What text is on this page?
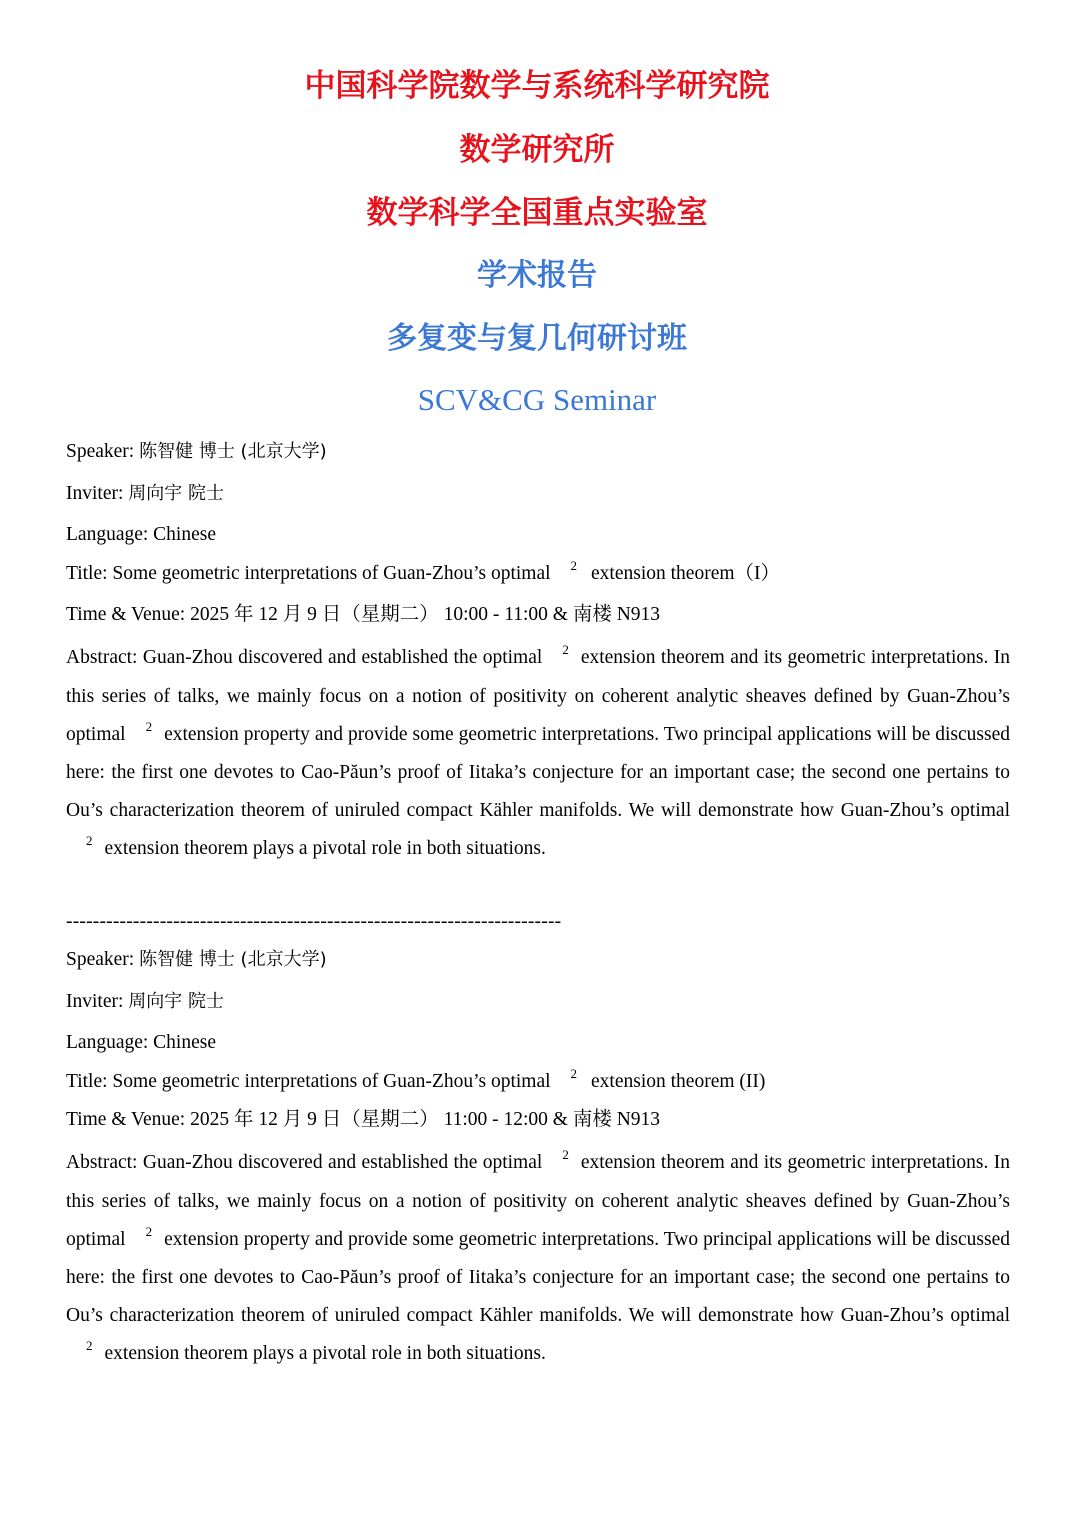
中国科学院数学与系统科学研究院
数学研究所
数学科学全国重点实验室
学术报告
多复变与复几何研讨班
SCV&CG Seminar
Speaker: 陈智健 博士 (北京大学)
Inviter: 周向宇 院士
Language: Chinese
Title: Some geometric interpretations of Guan-Zhou’s optimal 2 extension theorem（I）
Time & Venue: 2025 年 12 月 9 日（星期二） 10:00 - 11:00 & 南楼 N913
Abstract: Guan-Zhou discovered and established the optimal 2 extension theorem and its geometric interpretations. In this series of talks, we mainly focus on a notion of positivity on coherent analytic sheaves defined by Guan-Zhou’s optimal 2 extension property and provide some geometric interpretations. Two principal applications will be discussed here: the first one devotes to Cao-Păun’s proof of Iitaka’s conjecture for an important case; the second one pertains to Ou’s characterization theorem of uniruled compact Kähler manifolds. We will demonstrate how Guan-Zhou’s optimal2 extension theorem plays a pivotal role in both situations.
--------------------------------------------------------------------------
Speaker: 陈智健 博士 (北京大学)
Inviter: 周向宇 院士
Language: Chinese
Title: Some geometric interpretations of Guan-Zhou’s optimal 2 extension theorem (II)
Time & Venue: 2025 年 12 月 9 日（星期二） 11:00 - 12:00 & 南楼 N913
Abstract: Guan-Zhou discovered and established the optimal 2 extension theorem and its geometric interpretations. In this series of talks, we mainly focus on a notion of positivity on coherent analytic sheaves defined by Guan-Zhou’s optimal 2 extension property and provide some geometric interpretations. Two principal applications will be discussed here: the first one devotes to Cao-Păun’s proof of Iitaka’s conjecture for an important case; the second one pertains to Ou’s characterization theorem of uniruled compact Kähler manifolds. We will demonstrate how Guan-Zhou’s optimal2 extension theorem plays a pivotal role in both situations.
